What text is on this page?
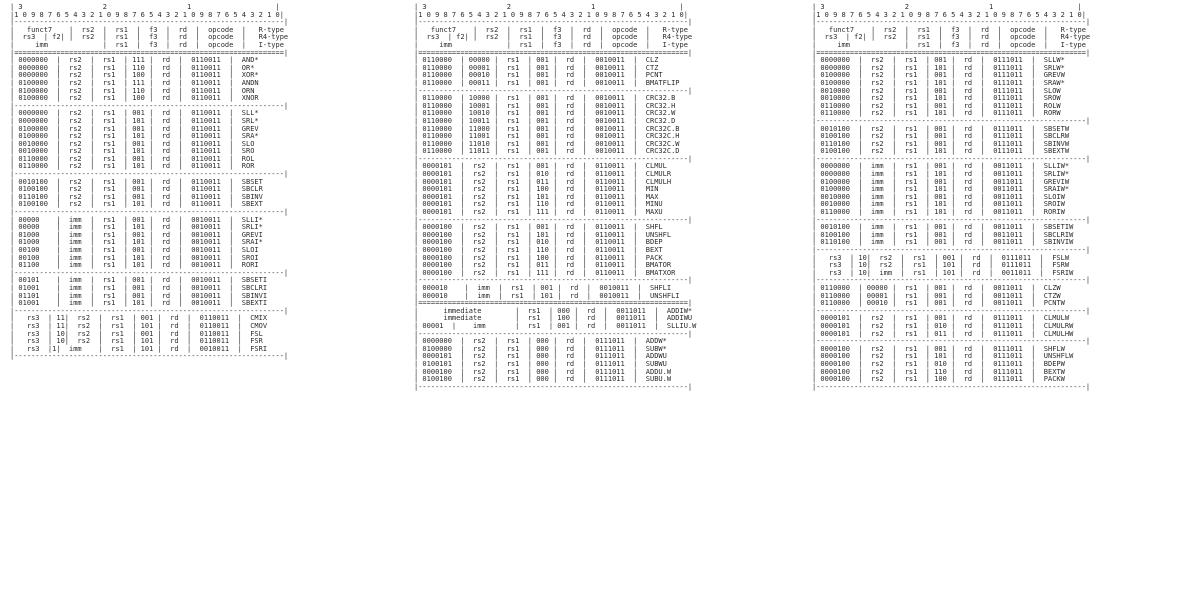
| 3                   2                   1                    |
|1 0 9 8 7 6 5 4 3 2 1 0 9 8 7 6 5 4 3 2 1 0 9 8 7 6 5 4 3 2 1 0|
|----------------------------------------------------------------|
|   funct7    |  rs2  |  rs1  |  f3  |  rd  |  opcode  |   R-type
|  rs3  | f2| |  rs2  |  rs1  |  f3  |  rd  |  opcode  |   R4-type
|     imm             |  rs1  |  f3  |  rd  |  opcode  |   I-type
|================================================================|
| 0000000  |  rs2  |  rs1  | 111 |  rd  |  0110011  |  AND*
| 0000000  |  rs2  |  rs1  | 110 |  rd  |  0110011  |  OR*
| 0000000  |  rs2  |  rs1  | 100 |  rd  |  0110011  |  XOR*
| 0100000  |  rs2  |  rs1  | 111 |  rd  |  0110011  |  ANDN
| 0100000  |  rs2  |  rs1  | 110 |  rd  |  0110011  |  ORN
| 0100000  |  rs2  |  rs1  | 100 |  rd  |  0110011  |  XNOR
|----------------------------------------------------------------|
| 0000000  |  rs2  |  rs1  | 001 |  rd  |  0110011  |  SLL*
| 0000000  |  rs2  |  rs1  | 101 |  rd  |  0110011  |  SRL*
| 0100000  |  rs2  |  rs1  | 001 |  rd  |  0110011  |  GREV
| 0100000  |  rs2  |  rs1  | 101 |  rd  |  0110011  |  SRA*
| 0010000  |  rs2  |  rs1  | 001 |  rd  |  0110011  |  SLO
| 0010000  |  rs2  |  rs1  | 101 |  rd  |  0110011  |  SRO
| 0110000  |  rs2  |  rs1  | 001 |  rd  |  0110011  |  ROL
| 0110000  |  rs2  |  rs1  | 101 |  rd  |  0110011  |  ROR
|----------------------------------------------------------------|
| 0010100  |  rs2  |  rs1  | 001 |  rd  |  0110011  |  SBSET
| 0100100  |  rs2  |  rs1  | 001 |  rd  |  0110011  |  SBCLR
| 0110100  |  rs2  |  rs1  | 001 |  rd  |  0110011  |  SBINV
| 0100100  |  rs2  |  rs1  | 101 |  rd  |  0110011  |  SBEXT
|----------------------------------------------------------------|
| 00000    |  imm  |  rs1  | 001 |  rd  |  0010011  |  SLLI*
| 00000    |  imm  |  rs1  | 101 |  rd  |  0010011  |  SRLI*
| 01000    |  imm  |  rs1  | 001 |  rd  |  0010011  |  GREVI
| 01000    |  imm  |  rs1  | 101 |  rd  |  0010011  |  SRAI*
| 00100    |  imm  |  rs1  | 001 |  rd  |  0010011  |  SLOI
| 00100    |  imm  |  rs1  | 101 |  rd  |  0010011  |  SROI
| 01100    |  imm  |  rs1  | 101 |  rd  |  0010011  |  RORI
|----------------------------------------------------------------|
| 00101    |  imm  |  rs1  | 001 |  rd  |  0010011  |  SBSETI
| 01001    |  imm  |  rs1  | 001 |  rd  |  0010011  |  SBCLRI
| 01101    |  imm  |  rs1  | 001 |  rd  |  0010011  |  SBINVI
| 01001    |  imm  |  rs1  | 101 |  rd  |  0010011  |  SBEXTI
|----------------------------------------------------------------|
|   rs3  | 11|  rs2  |  rs1  | 001 |  rd  |  0110011  |  CMIX
|   rs3  | 11|  rs2  |  rs1  | 101 |  rd  |  0110011  |  CMOV
|   rs3  | 10|  rs2  |  rs1  | 001 |  rd  |  0110011  |  FSL
|   rs3  | 10|  rs2  |  rs1  | 101 |  rd  |  0110011  |  FSR
|   rs3  |1|  imm    |  rs1  | 101 |  rd  |  0010011  |  FSRI
|----------------------------------------------------------------|
| 3                   2                   1                    |
|1 0 9 8 7 6 5 4 3 2 1 0 9 8 7 6 5 4 3 2 1 0 9 8 7 6 5 4 3 2 1 0|
|----------------------------------------------------------------|
|   funct7    |  rs2  |  rs1  |  f3  |  rd  |  opcode  |   R-type
|  rs3  | f2| |  rs2  |  rs1  |  f3  |  rd  |  opcode  |   R4-type
|     imm             |  rs1  |  f3  |  rd  |  opcode  |   I-type
|================================================================|
| 0110000  | 00000 |  rs1  | 001 |  rd  |  0010011  |  CLZ
| 0110000  | 00001 |  rs1  | 001 |  rd  |  0010011  |  CTZ
| 0110000  | 00010 |  rs1  | 001 |  rd  |  0010011  |  PCNT
| 0110000  | 00011 |  rs1  | 001 |  rd  |  0010011  |  BMATFLIP
|----------------------------------------------------------------|
| 0110000  | 10000 |  rs1  | 001 |  rd  |  0010011  |  CRC32.B
| 0110000  | 10001 |  rs1  | 001 |  rd  |  0010011  |  CRC32.H
| 0110000  | 10010 |  rs1  | 001 |  rd  |  0010011  |  CRC32.W
| 0110000  | 10011 |  rs1  | 001 |  rd  |  0010011  |  CRC32.D
| 0110000  | 11000 |  rs1  | 001 |  rd  |  0010011  |  CRC32C.B
| 0110000  | 11001 |  rs1  | 001 |  rd  |  0010011  |  CRC32C.H
| 0110000  | 11010 |  rs1  | 001 |  rd  |  0010011  |  CRC32C.W
| 0110000  | 11011 |  rs1  | 001 |  rd  |  0010011  |  CRC32C.D
|----------------------------------------------------------------|
| 0000101  |  rs2  |  rs1  | 001 |  rd  |  0110011  |  CLMUL
| 0000101  |  rs2  |  rs1  | 010 |  rd  |  0110011  |  CLMULR
| 0000101  |  rs2  |  rs1  | 011 |  rd  |  0110011  |  CLMULH
| 0000101  |  rs2  |  rs1  | 100 |  rd  |  0110011  |  MIN
| 0000101  |  rs2  |  rs1  | 101 |  rd  |  0110011  |  MAX
| 0000101  |  rs2  |  rs1  | 110 |  rd  |  0110011  |  MINU
| 0000101  |  rs2  |  rs1  | 111 |  rd  |  0110011  |  MAXU
|----------------------------------------------------------------|
| 0000100  |  rs2  |  rs1  | 001 |  rd  |  0110011  |  SHFL
| 0000100  |  rs2  |  rs1  | 101 |  rd  |  0110011  |  UNSHFL
| 0000100  |  rs2  |  rs1  | 010 |  rd  |  0110011  |  BDEP
| 0000100  |  rs2  |  rs1  | 110 |  rd  |  0110011  |  BEXT
| 0000100  |  rs2  |  rs1  | 100 |  rd  |  0110011  |  PACK
| 0000100  |  rs2  |  rs1  | 011 |  rd  |  0110011  |  BMATOR
| 0000100  |  rs2  |  rs1  | 111 |  rd  |  0110011  |  BMATXOR
|----------------------------------------------------------------|
| 000010    |  imm  |  rs1  | 001 |  rd  |  0010011  |  SHFLI
| 000010    |  imm  |  rs1  | 101 |  rd  |  0010011  |  UNSHFLI
|================================================================|
|      immediate        |  rs1  | 000 |  rd  |  0011011  |  ADDIW*
|      immediate        |  rs1  | 100 |  rd  |  0011011  |  ADDIWU
| 00001  |    imm       |  rs1  | 001 |  rd  |  0011011  |  SLLIU.W
|----------------------------------------------------------------|
| 0000000  |  rs2  |  rs1  | 000 |  rd  |  0111011  |  ADDW*
| 0100000  |  rs2  |  rs1  | 000 |  rd  |  0111011  |  SUBW*
| 0000101  |  rs2  |  rs1  | 000 |  rd  |  0111011  |  ADDWU
| 0100101  |  rs2  |  rs1  | 000 |  rd  |  0111011  |  SUBWU
| 0000100  |  rs2  |  rs1  | 000 |  rd  |  0111011  |  ADDU.W
| 0100100  |  rs2  |  rs1  | 000 |  rd  |  0111011  |  SUBU.W
|----------------------------------------------------------------|
| 3                   2                   1                    |
|1 0 9 8 7 6 5 4 3 2 1 0 9 8 7 6 5 4 3 2 1 0 9 8 7 6 5 4 3 2 1 0|
|----------------------------------------------------------------|
|   funct7    |  rs2  |  rs1  |  f3  |  rd  |  opcode  |   R-type
|  rs3  | f2| |  rs2  |  rs1  |  f3  |  rd  |  opcode  |   R4-type
|     imm             |  rs1  |  f3  |  rd  |  opcode  |   I-type
|================================================================|
| 0000000  |  rs2  |  rs1  | 001 |  rd  |  0111011  |  SLLW*
| 0000000  |  rs2  |  rs1  | 101 |  rd  |  0111011  |  SRLW*
| 0100000  |  rs2  |  rs1  | 001 |  rd  |  0111011  |  GREVW
| 0100000  |  rs2  |  rs1  | 101 |  rd  |  0111011  |  SRAW*
| 0010000  |  rs2  |  rs1  | 001 |  rd  |  0111011  |  SLOW
| 0010000  |  rs2  |  rs1  | 101 |  rd  |  0111011  |  SROW
| 0110000  |  rs2  |  rs1  | 001 |  rd  |  0111011  |  ROLW
| 0110000  |  rs2  |  rs1  | 101 |  rd  |  0111011  |  RORW
|----------------------------------------------------------------|
| 0010100  |  rs2  |  rs1  | 001 |  rd  |  0111011  |  SBSETW
| 0100100  |  rs2  |  rs1  | 001 |  rd  |  0111011  |  SBCLRW
| 0110100  |  rs2  |  rs1  | 001 |  rd  |  0111011  |  SBINVW
| 0100100  |  rs2  |  rs1  | 101 |  rd  |  0111011  |  SBEXTW
|----------------------------------------------------------------|
| 0000000  |  imm  |  rs1  | 001 |  rd  |  0011011  |  SLLIW*
| 0000000  |  imm  |  rs1  | 101 |  rd  |  0011011  |  SRLIW*
| 0100000  |  imm  |  rs1  | 001 |  rd  |  0011011  |  GREVIW
| 0100000  |  imm  |  rs1  | 101 |  rd  |  0011011  |  SRAIW*
| 0010000  |  imm  |  rs1  | 001 |  rd  |  0011011  |  SLOIW
| 0010000  |  imm  |  rs1  | 101 |  rd  |  0011011  |  SROIW
| 0110000  |  imm  |  rs1  | 101 |  rd  |  0011011  |  RORIW
|----------------------------------------------------------------|
| 0010100  |  imm  |  rs1  | 001 |  rd  |  0011011  |  SBSETIW
| 0100100  |  imm  |  rs1  | 001 |  rd  |  0011011  |  SBCLRIW
| 0110100  |  imm  |  rs1  | 001 |  rd  |  0011011  |  SBINVIW
|----------------------------------------------------------------|
|   rs3  | 10|  rs2  |  rs1  | 001 |  rd  |  0111011  |  FSLW
|   rs3  | 10|  rs2  |  rs1  | 101 |  rd  |  0111011  |  FSRW
|   rs3  | 10|  imm  |  rs1  | 101 |  rd  |  0011011  |  FSRIW
|----------------------------------------------------------------|
| 0110000  | 00000 |  rs1  | 001 |  rd  |  0011011  |  CLZW
| 0110000  | 00001 |  rs1  | 001 |  rd  |  0011011  |  CTZW
| 0110000  | 00010 |  rs1  | 001 |  rd  |  0011011  |  PCNTW
|----------------------------------------------------------------|
| 0000101  |  rs2  |  rs1  | 001 |  rd  |  0111011  |  CLMULW
| 0000101  |  rs2  |  rs1  | 010 |  rd  |  0111011  |  CLMULRW
| 0000101  |  rs2  |  rs1  | 011 |  rd  |  0111011  |  CLMULHW
|----------------------------------------------------------------|
| 0000100  |  rs2  |  rs1  | 001 |  rd  |  0111011  |  SHFLW
| 0000100  |  rs2  |  rs1  | 101 |  rd  |  0111011  |  UNSHFLW
| 0000100  |  rs2  |  rs1  | 010 |  rd  |  0111011  |  BDEPW
| 0000100  |  rs2  |  rs1  | 110 |  rd  |  0111011  |  BEXTW
| 0000100  |  rs2  |  rs1  | 100 |  rd  |  0111011  |  PACKW
|----------------------------------------------------------------|
